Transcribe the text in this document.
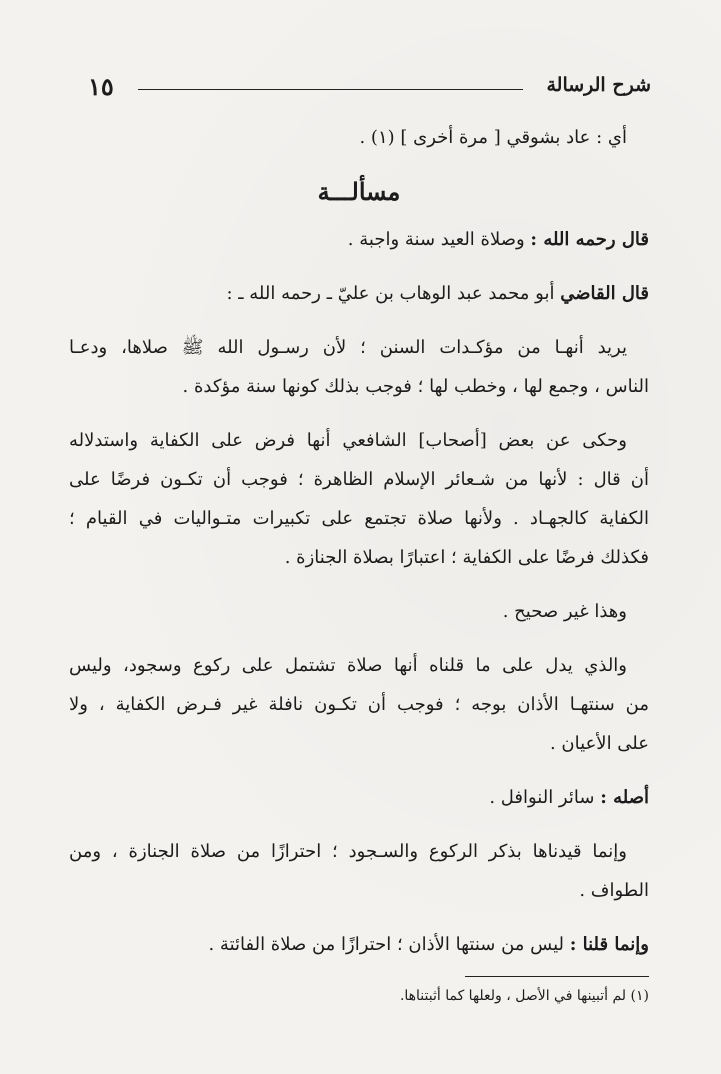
شرح الرسالة
١٥

أي : عاد بشوقي [ مرة أخرى ] (١) .

مسألـــة

قال رحمه الله : وصلاة العيد سنة واجبة .

قال القاضي أبو محمد عبد الوهاب بن عليّ ـ رحمه الله ـ :

يريد أنهـا من مؤكـدات السنن ؛ لأن رسـول الله ﷺ صلاها، ودعـا

الناس ، وجمع لها ، وخطب لها ؛ فوجب بذلك كونها سنة مؤكدة .

وحكى عن بعض [أصحاب] الشافعي أنها فرض على الكفاية واستدلاله

أن قال : لأنها من شـعائر الإسلام الظاهرة ؛ فوجب أن تكـون فرضًا على

الكفاية كالجهـاد . ولأنها صلاة تجتمع على تكبيرات متـواليات في القيام ؛

فكذلك فرضًا على الكفاية ؛ اعتبارًا بصلاة الجنازة .

وهذا غير صحيح .

والذي يدل على ما قلناه أنها صلاة تشتمل على ركوع وسجود، وليس

من سنتهـا الأذان بوجه ؛ فوجب أن تكـون نافلة غير فـرض الكفاية ، ولا

على الأعيان .

أصله : سائر النوافل .

وإنما قيدناها بذكر الركوع والسـجود ؛ احترازًا من صلاة الجنازة ، ومن

الطواف .

وإنما قلنا : ليس من سنتها الأذان ؛ احترازًا من صلاة الفائتة .

(١) لم أتبينها في الأصل ، ولعلها كما أثبتناها.
